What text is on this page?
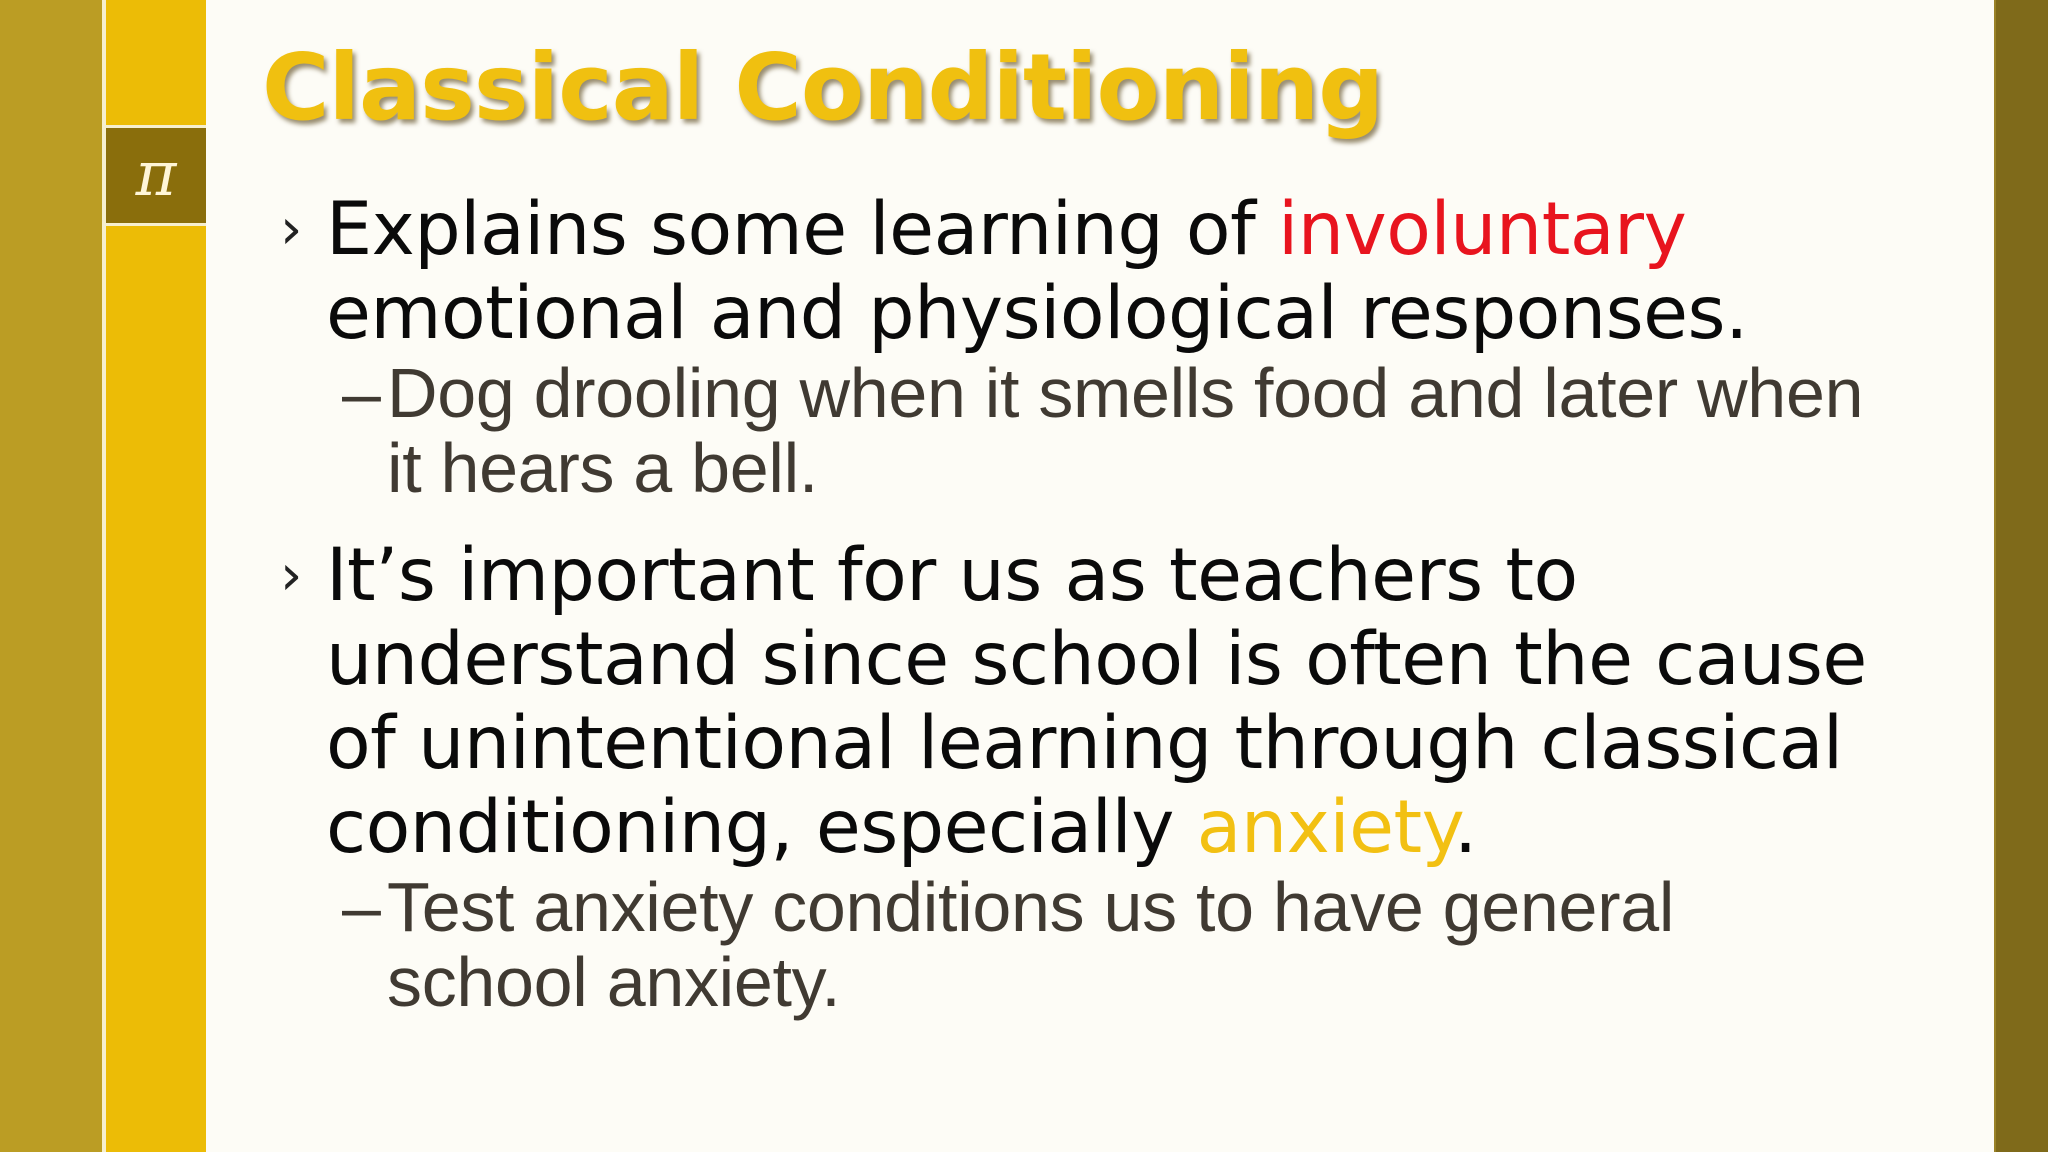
π
Classical Conditioning
› Explains some learning of involuntary emotional and physiological responses.
– Dog drooling when it smells food and later when it hears a bell.
› It’s important for us as teachers to understand since school is often the cause of unintentional learning through classical conditioning, especially anxiety.
– Test anxiety conditions us to have general school anxiety.
